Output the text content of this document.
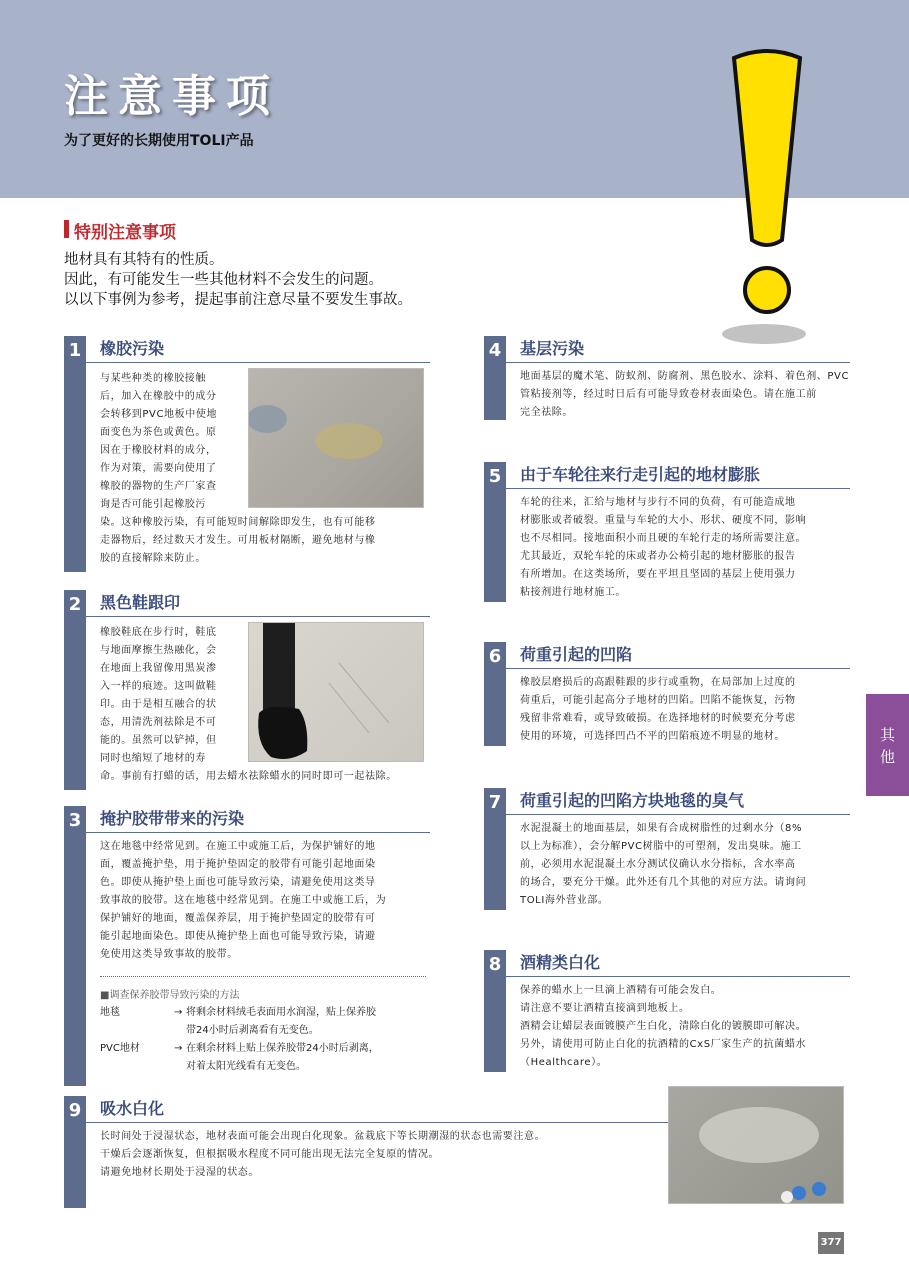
注意事项
为了更好的长期使用TOLI产品
特别注意事项
地材具有其特有的性质。
因此，有可能发生一些其他材料不会发生的问题。
以以下事例为参考，提起事前注意尽量不要发生事故。
1 橡胶污染
与某些种类的橡胶接触
后，加入在橡胶中的成分
会转移到PVC地板中使地
面变色为茶色或黄色。原
因在于橡胶材料的成分，
作为对策，需要向使用了
橡胶的器物的生产厂家查
询是否可能引起橡胶污
染。这种橡胶污染，有可能短时间解除即发生，也有可能移
走器物后，经过数天才发生。可用板材隔断，避免地材与橡
胶的直接解除来防止。
2 黑色鞋跟印
橡胶鞋底在步行时，鞋底
与地面摩擦生热融化，会
在地面上我留像用黑炭渗
入一样的痕迹。这叫做鞋
印。由于是相互融合的状
态，用清洗剂祛除是不可
能的。虽然可以铲掉，但
同时也缩短了地材的寿
命。事前有打蜡的话，用去蜡水祛除蜡水的同时即可一起祛除。
3 掩护胶带带来的污染
这在地毯中经常见到。在施工中或施工后，为保护铺好的地
面，覆盖掩护垫，用于掩护垫固定的胶带有可能引起地面染
色。即使从掩护垫上面也可能导致污染，请避免使用这类导
致事故的胶带。这在地毯中经常见到。在施工中或施工后，为
保护铺好的地面，覆盖保养层，用于掩护垫固定的胶带有可
能引起地面染色。即使从掩护垫上面也可能导致污染，请避
免使用这类导致事故的胶带。
■调查保养胶带导致污染的方法
地毯	→ 将剩余材料绒毛表面用水润湿，贴上保养胶
带24小时后剥离看有无变色。
PVC地材	→ 在剩余材料上贴上保养胶带24小时后剥离，
对着太阳光线看有无变色。
4 基层污染
地面基层的魔术笔、防蚁剂、防腐剂、黑色胶水、涂料、着色剂、PVC
管粘接剂等，经过时日后有可能导致卷材表面染色。请在施工前
完全祛除。
5 由于车轮往来行走引起的地材膨胀
车轮的往来，汇给与地材与步行不同的负荷，有可能造成地
材膨胀或者破裂。重量与车轮的大小、形状、硬度不同，影响
也不尽相同。接地面积小而且硬的车轮行走的场所需要注意。
尤其最近，双轮车轮的床或者办公椅引起的地材膨胀的报告
有所增加。在这类场所，要在平坦且坚固的基层上使用强力
粘接剂进行地材施工。
6 荷重引起的凹陷
橡胶层磨损后的高跟鞋跟的步行或重物，在局部加上过度的
荷重后，可能引起高分子地材的凹陷。凹陷不能恢复，污物
残留非常难看，或导致破损。在选择地材的时候要充分考虑
使用的环境，可选择凹凸不平的凹陷痕迹不明显的地材。
7 荷重引起的凹陷方块地毯的臭气
水泥混凝土的地面基层，如果有合成树脂性的过剩水分（8%
以上为标准），会分解PVC树脂中的可塑剂，发出臭味。施工
前，必须用水泥混凝土水分测试仪确认水分指标，含水率高
的场合，要充分干燥。此外还有几个其他的对应方法。请询问
TOLI海外营业部。
8 酒精类白化
保养的蜡水上一旦滴上酒精有可能会发白。
请注意不要让酒精直接滴到地板上。
酒精会让蜡层表面镀膜产生白化，清除白化的镀膜即可解决。
另外，请使用可防止白化的抗酒精的CxS厂家生产的抗菌蜡水
（Healthcare）。
9 吸水白化
长时间处于浸湿状态，地材表面可能会出现白化现象。盆栽底下等长期潮湿的状态也需要注意。
干燥后会逐渐恢复，但根据吸水程度不同可能出现无法完全复原的情况。
请避免地材长期处于浸湿的状态。
其他
377
